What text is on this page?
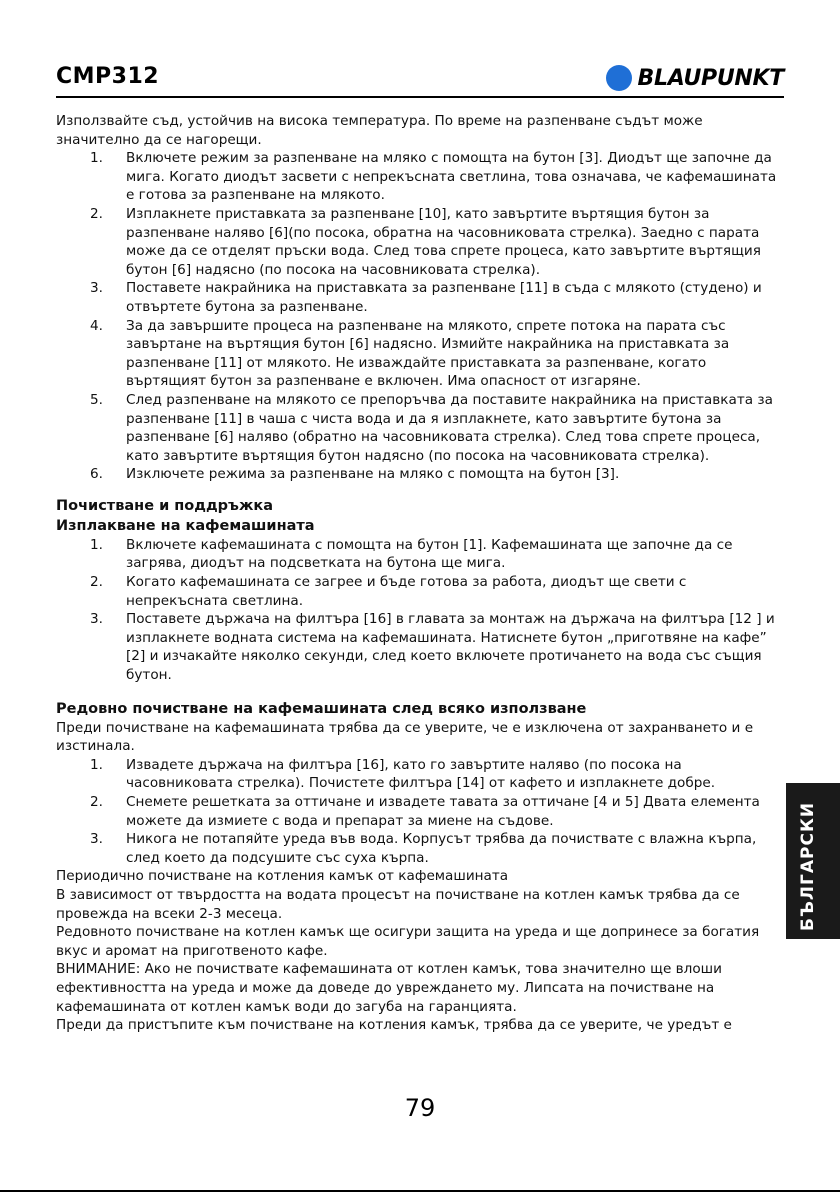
CMP312	BLAUPUNKT

Използвайте съд, устойчив на висока температура. По време на разпенване съдът може значително да се нагорещи.

1. Включете режим за разпенване на мляко с помощта на бутон [3]. Диодът ще започне да мига. Когато диодът засвети с непрекъсната светлина, това означава, че кафемашината е готова за разпенване на млякото.
2. Изплакнете приставката за разпенване [10], като завъртите въртящия бутон за разпенване наляво [6](по посока, обратна на часовниковата стрелка). Заедно с парата може да се отделят пръски вода. След това спрете процеса, като завъртите въртящия бутон [6] надясно (по посока на часовниковата стрелка).
3. Поставете накрайника на приставката за разпенване [11] в съда с млякото (студено) и отвъртете бутона за разпенване.
4. За да завършите процеса на разпенване на млякото, спрете потока на парата със завъртане на въртящия бутон [6] надясно. Измийте накрайника на приставката за разпенване [11] от млякото. Не изваждайте приставката за разпенване, когато въртящият бутон за разпенване е включен. Има опасност от изгаряне.
5. След разпенване на млякото се препоръчва да поставите накрайника на приставката за разпенване [11] в чаша с чиста вода и да я изплакнете, като завъртите бутона за разпенване [6] наляво (обратно на часовниковата стрелка). След това спрете процеса, като завъртите въртящия бутон надясно (по посока на часовниковата стрелка).
6. Изключете режима за разпенване на мляко с помощта на бутон [3].
Почистване и поддръжка
Изплакване на кафемашината
1. Включете кафемашината с помощта на бутон [1]. Кафемашината ще започне да се загрява, диодът на подсветката на бутона ще мига.
2. Когато кафемашината се загрее и бъде готова за работа, диодът ще свети с непрекъсната светлина.
3. Поставете държача на филтъра [16] в главата за монтаж на държача на филтъра [12 ] и изплакнете водната система на кафемашината. Натиснете бутон „приготвяне на кафе” [2] и изчакайте няколко секунди, след което включете протичането на вода със същия бутон.
Редовно почистване на кафемашината след всяко използване

Преди почистване на кафемашината трябва да се уверите, че е изключена от захранването и е изстинала.

1. Извадете държача на филтъра [16], като го завъртите наляво (по посока на часовниковата стрелка). Почистете филтъра [14] от кафето и изплакнете добре.
2. Снемете решетката за оттичане и извадете тавата за оттичане [4 и 5] Двата елемента можете да измиете с вода и препарат за миене на съдове.
3. Никога не потапяйте уреда във вода. Корпусът трябва да почиствате с влажна кърпа, след което да подсушите със суха кърпа.

Периодично почистване на котления камък от кафемашината

В зависимост от твърдостта на водата процесът на почистване на котлен камък трябва да се провежда на всеки 2-3 месеца.

Редовното почистване на котлен камък ще осигури защита на уреда и ще допринесе за богатия вкус и аромат на приготвеното кафе.

ВНИМАНИЕ: Ако не почиствате кафемашината от котлен камък, това значително ще влоши ефективността на уреда и може да доведе до увреждането му. Липсата на почистване на кафемашината от котлен камък води до загуба на гаранцията.

Преди да пристъпите към почистване на котления камък, трябва да се уверите, че уредът е

БЪЛГАРСКИ
79
